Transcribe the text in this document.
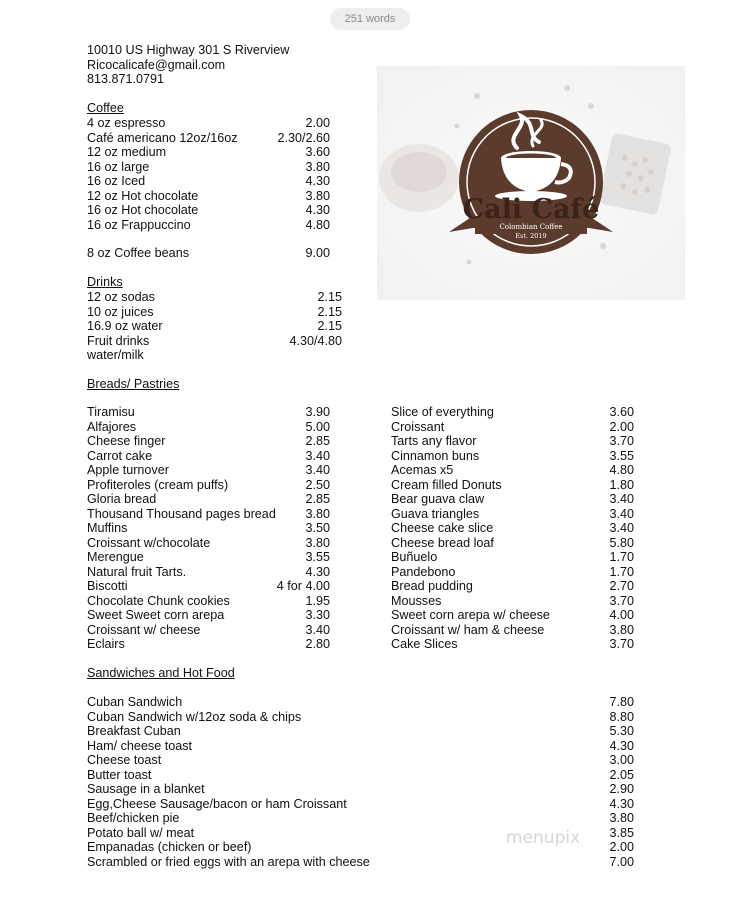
251 words
10010 US Highway 301 S Riverview
Ricocalicafe@gmail.com
813.871.0791
Cali Café
Colombian Coffee
Est. 2019
Coffee
4 oz espresso	2.00
Café americano 12oz/16oz	2.30/2.60
12 oz medium	3.60
16 oz large	3.80
16 oz Iced	4.30
12 oz Hot chocolate	3.80
16 oz Hot chocolate	4.30
16 oz Frappuccino	4.80
8 oz Coffee beans	9.00
Drinks
12 oz sodas	2.15
10 oz juices	2.15
16.9 oz water	2.15
Fruit drinks	4.30/4.80
water/milk
Breads/ Pastries
Tiramisu	3.90
Alfajores	5.00
Cheese finger	2.85
Carrot cake	3.40
Apple turnover	3.40
Profiteroles (cream puffs)	2.50
Gloria bread	2.85
Thousand Thousand pages bread	3.80
Muffins	3.50
Croissant w/chocolate	3.80
Merengue	3.55
Natural fruit Tarts.	4.30
Biscotti	4 for 4.00
Chocolate Chunk cookies	1.95
Sweet Sweet corn arepa	3.30
Croissant w/ cheese	3.40
Eclairs	2.80
Slice of everything	3.60
Croissant	2.00
Tarts any flavor	3.70
Cinnamon buns	3.55
Acemas x5	4.80
Cream filled Donuts	1.80
Bear guava claw	3.40
Guava triangles	3.40
Cheese cake slice	3.40
Cheese bread loaf	5.80
Buñuelo	1.70
Pandebono	1.70
Bread pudding	2.70
Mousses	3.70
Sweet corn arepa w/ cheese	4.00
Croissant w/ ham & cheese	3.80
Cake Slices	3.70
Sandwiches and Hot Food
Cuban Sandwich	7.80
Cuban Sandwich w/12oz soda & chips	8.80
Breakfast Cuban	5.30
Ham/ cheese toast	4.30
Cheese toast	3.00
Butter toast	2.05
Sausage in a blanket	2.90
Egg,Cheese Sausage/bacon or ham Croissant	4.30
Beef/chicken pie	3.80
Potato ball w/ meat	3.85
Empanadas (chicken or beef)	2.00
Scrambled or fried eggs with an arepa with cheese	7.00
menupix
